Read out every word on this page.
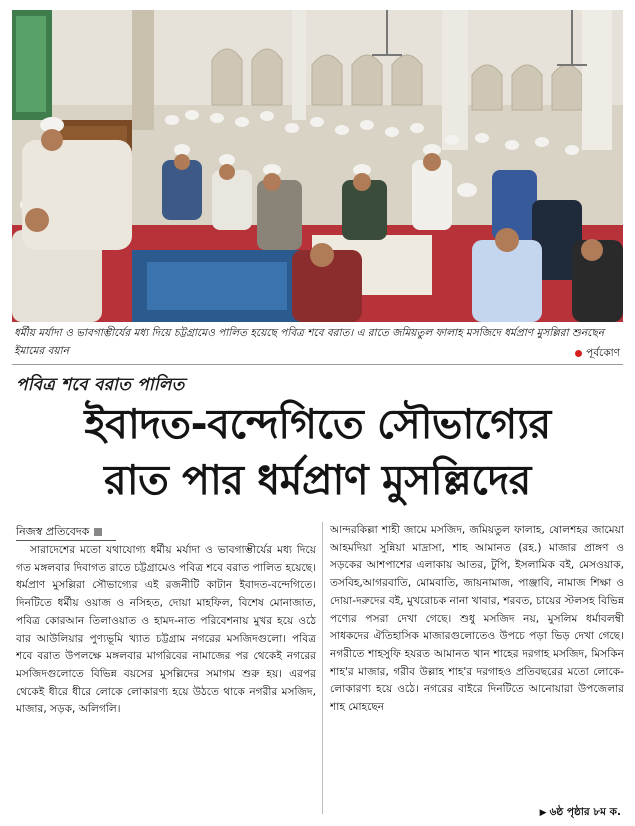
ধর্মীয় মর্যাদা ও ভাবগাম্ভীর্যের মধ্য দিয়ে চট্টগ্রামেও পালিত হয়েছে পবিত্র শবে বরাত। এ রাতে জমিয়তুল ফালাহ মসজিদে ধর্মপ্রাণ মুসল্লিরা শুনছেন ইমামের বয়ান	পূর্বকোণ
পবিত্র শবে বরাত পালিত
ইবাদত-বন্দেগিতে সৌভাগ্যের
রাত পার ধর্মপ্রাণ মুসল্লিদের
নিজস্ব প্রতিবেদক
সারাদেশের মতো যথাযোগ্য ধর্মীয় মর্যাদা ও ভাবগাম্ভীর্যের মধ্য দিয়ে গত মঙ্গলবার দিবাগত রাতে চট্টগ্রামেও পবিত্র শবে বরাত পালিত হয়েছে। ধর্মপ্রাণ মুসল্লিরা সৌভাগ্যের এই রজনীটি কাটান ইবাদত-বন্দেগিতে। দিনটিতে ধর্মীয় ওয়াজ ও নসিহত, দোয়া মাহফিল, বিশেষ মোনাজাত, পবিত্র কোরআন তিলাওয়াত ও হামদ-নাত পরিবেশনায় মুখর হয়ে ওঠে বার আউলিয়ার পুণ্যভূমি খ্যাত চট্টগ্রাম নগরের মসজিদগুলো। পবিত্র শবে বরাত উপলক্ষে মঙ্গলবার মাগরিবের নামাজের পর থেকেই নগরের মসজিদগুলোতে বিভিন্ন বয়সের মুসল্লিদের সমাগম শুরু হয়। এরপর থেকেই ধীরে ধীরে লোকে লোকারণ্য হয়ে উঠতে থাকে নগরীর মসজিদ, মাজার, সড়ক, অলিগলি।
আন্দরকিল্লা শাহী জামে মসজিদ, জমিয়তুল ফালাহ, ষোলশহর জামেয়া আহমদিয়া সুন্নিয়া মাদ্রাসা, শাহ আমানত (রহ.) মাজার প্রাঙ্গণ ও সড়কের আশপাশের এলাকায় আতর, টুপি, ইসলামিক বই, মেসওয়াক, তসবিহ,আগরবাতি, মোমবাতি, জায়নামাজ, পাঞ্জাবি, নামাজ শিক্ষা ও দোয়া-দরুদের বই, মুখরোচক নানা খাবার, শরবত, চায়ের স্টলসহ বিভিন্ন পণ্যের পসরা দেখা গেছে। শুধু মসজিদ নয়, মুসলিম ধর্মাবলম্বী সাধকদের ঐতিহাসিক মাজারগুলোতেও উপচে পড়া ভিড় দেখা গেছে। নগরীতে শাহসুফি হযরত আমানত খান শাহের দরগাহ মসজিদ, মিসকিন শাহ'র মাজার, গরীব উল্লাহ শাহ'র দরগাহও প্রতিবছরের মতো লোকে-লোকারণ্য হয়ে ওঠে। নগরের বাইরে দিনটিতে আনোয়ারা উপজেলার শাহ মোহছেন
▶ ৬ষ্ঠ পৃষ্ঠার ৮ম ক.
